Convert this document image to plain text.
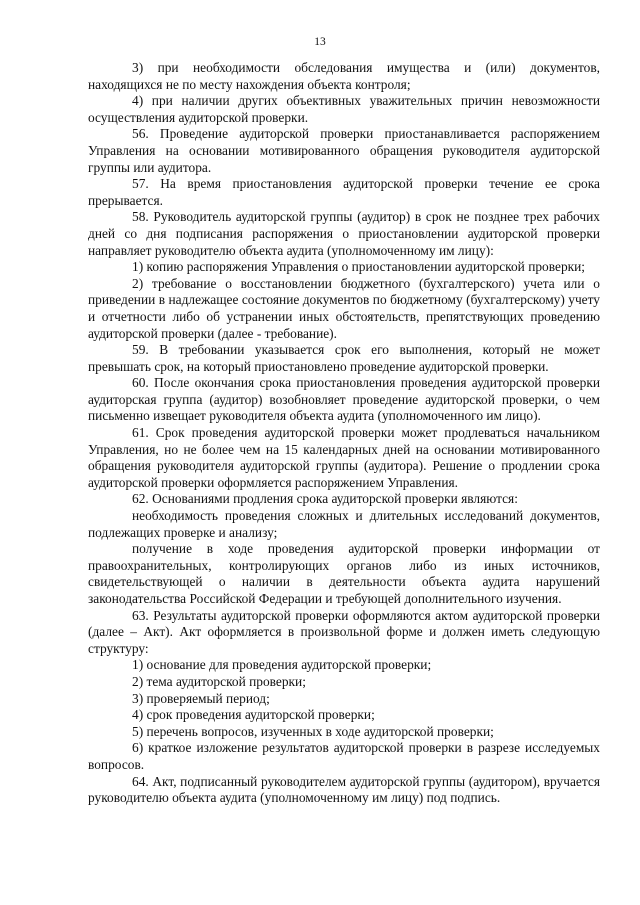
13

3) при необходимости обследования имущества и (или) документов, находящихся не по месту нахождения объекта контроля;

4) при наличии других объективных уважительных причин невозможности осуществления аудиторской проверки.

56. Проведение аудиторской проверки приостанавливается распоряжением Управления на основании мотивированного обращения руководителя аудиторской группы или аудитора.

57. На время приостановления аудиторской проверки течение ее срока прерывается.

58. Руководитель аудиторской группы (аудитор) в срок не позднее трех рабочих дней со дня подписания распоряжения о приостановлении аудиторской проверки направляет руководителю объекта аудита (уполномоченному им лицу):

1) копию распоряжения Управления о приостановлении аудиторской проверки;

2) требование о восстановлении бюджетного (бухгалтерского) учета или о приведении в надлежащее состояние документов по бюджетному (бухгалтерскому) учету и отчетности либо об устранении иных обстоятельств, препятствующих проведению аудиторской проверки (далее - требование).

59. В требовании указывается срок его выполнения, который не может превышать срок, на который приостановлено проведение аудиторской проверки.

60. После окончания срока приостановления проведения аудиторской проверки аудиторская группа (аудитор) возобновляет проведение аудиторской проверки, о чем письменно извещает руководителя объекта аудита (уполномоченного им лицо).

61. Срок проведения аудиторской проверки может продлеваться начальником Управления, но не более чем на 15 календарных дней на основании мотивированного обращения руководителя аудиторской группы (аудитора). Решение о продлении срока аудиторской проверки оформляется распоряжением Управления.

62. Основаниями продления срока аудиторской проверки являются:

необходимость проведения сложных и длительных исследований документов, подлежащих проверке и анализу;

получение в ходе проведения аудиторской проверки информации от правоохранительных, контролирующих органов либо из иных источников, свидетельствующей о наличии в деятельности объекта аудита нарушений законодательства Российской Федерации и требующей дополнительного изучения.

63. Результаты аудиторской проверки оформляются актом аудиторской проверки (далее – Акт). Акт оформляется в произвольной форме и должен иметь следующую структуру:

1) основание для проведения аудиторской проверки;

2) тема аудиторской проверки;

3) проверяемый период;

4) срок проведения аудиторской проверки;

5) перечень вопросов, изученных в ходе аудиторской проверки;

6) краткое изложение результатов аудиторской проверки в разрезе исследуемых вопросов.

64. Акт, подписанный руководителем аудиторской группы (аудитором), вручается руководителю объекта аудита (уполномоченному им лицу) под подпись.
